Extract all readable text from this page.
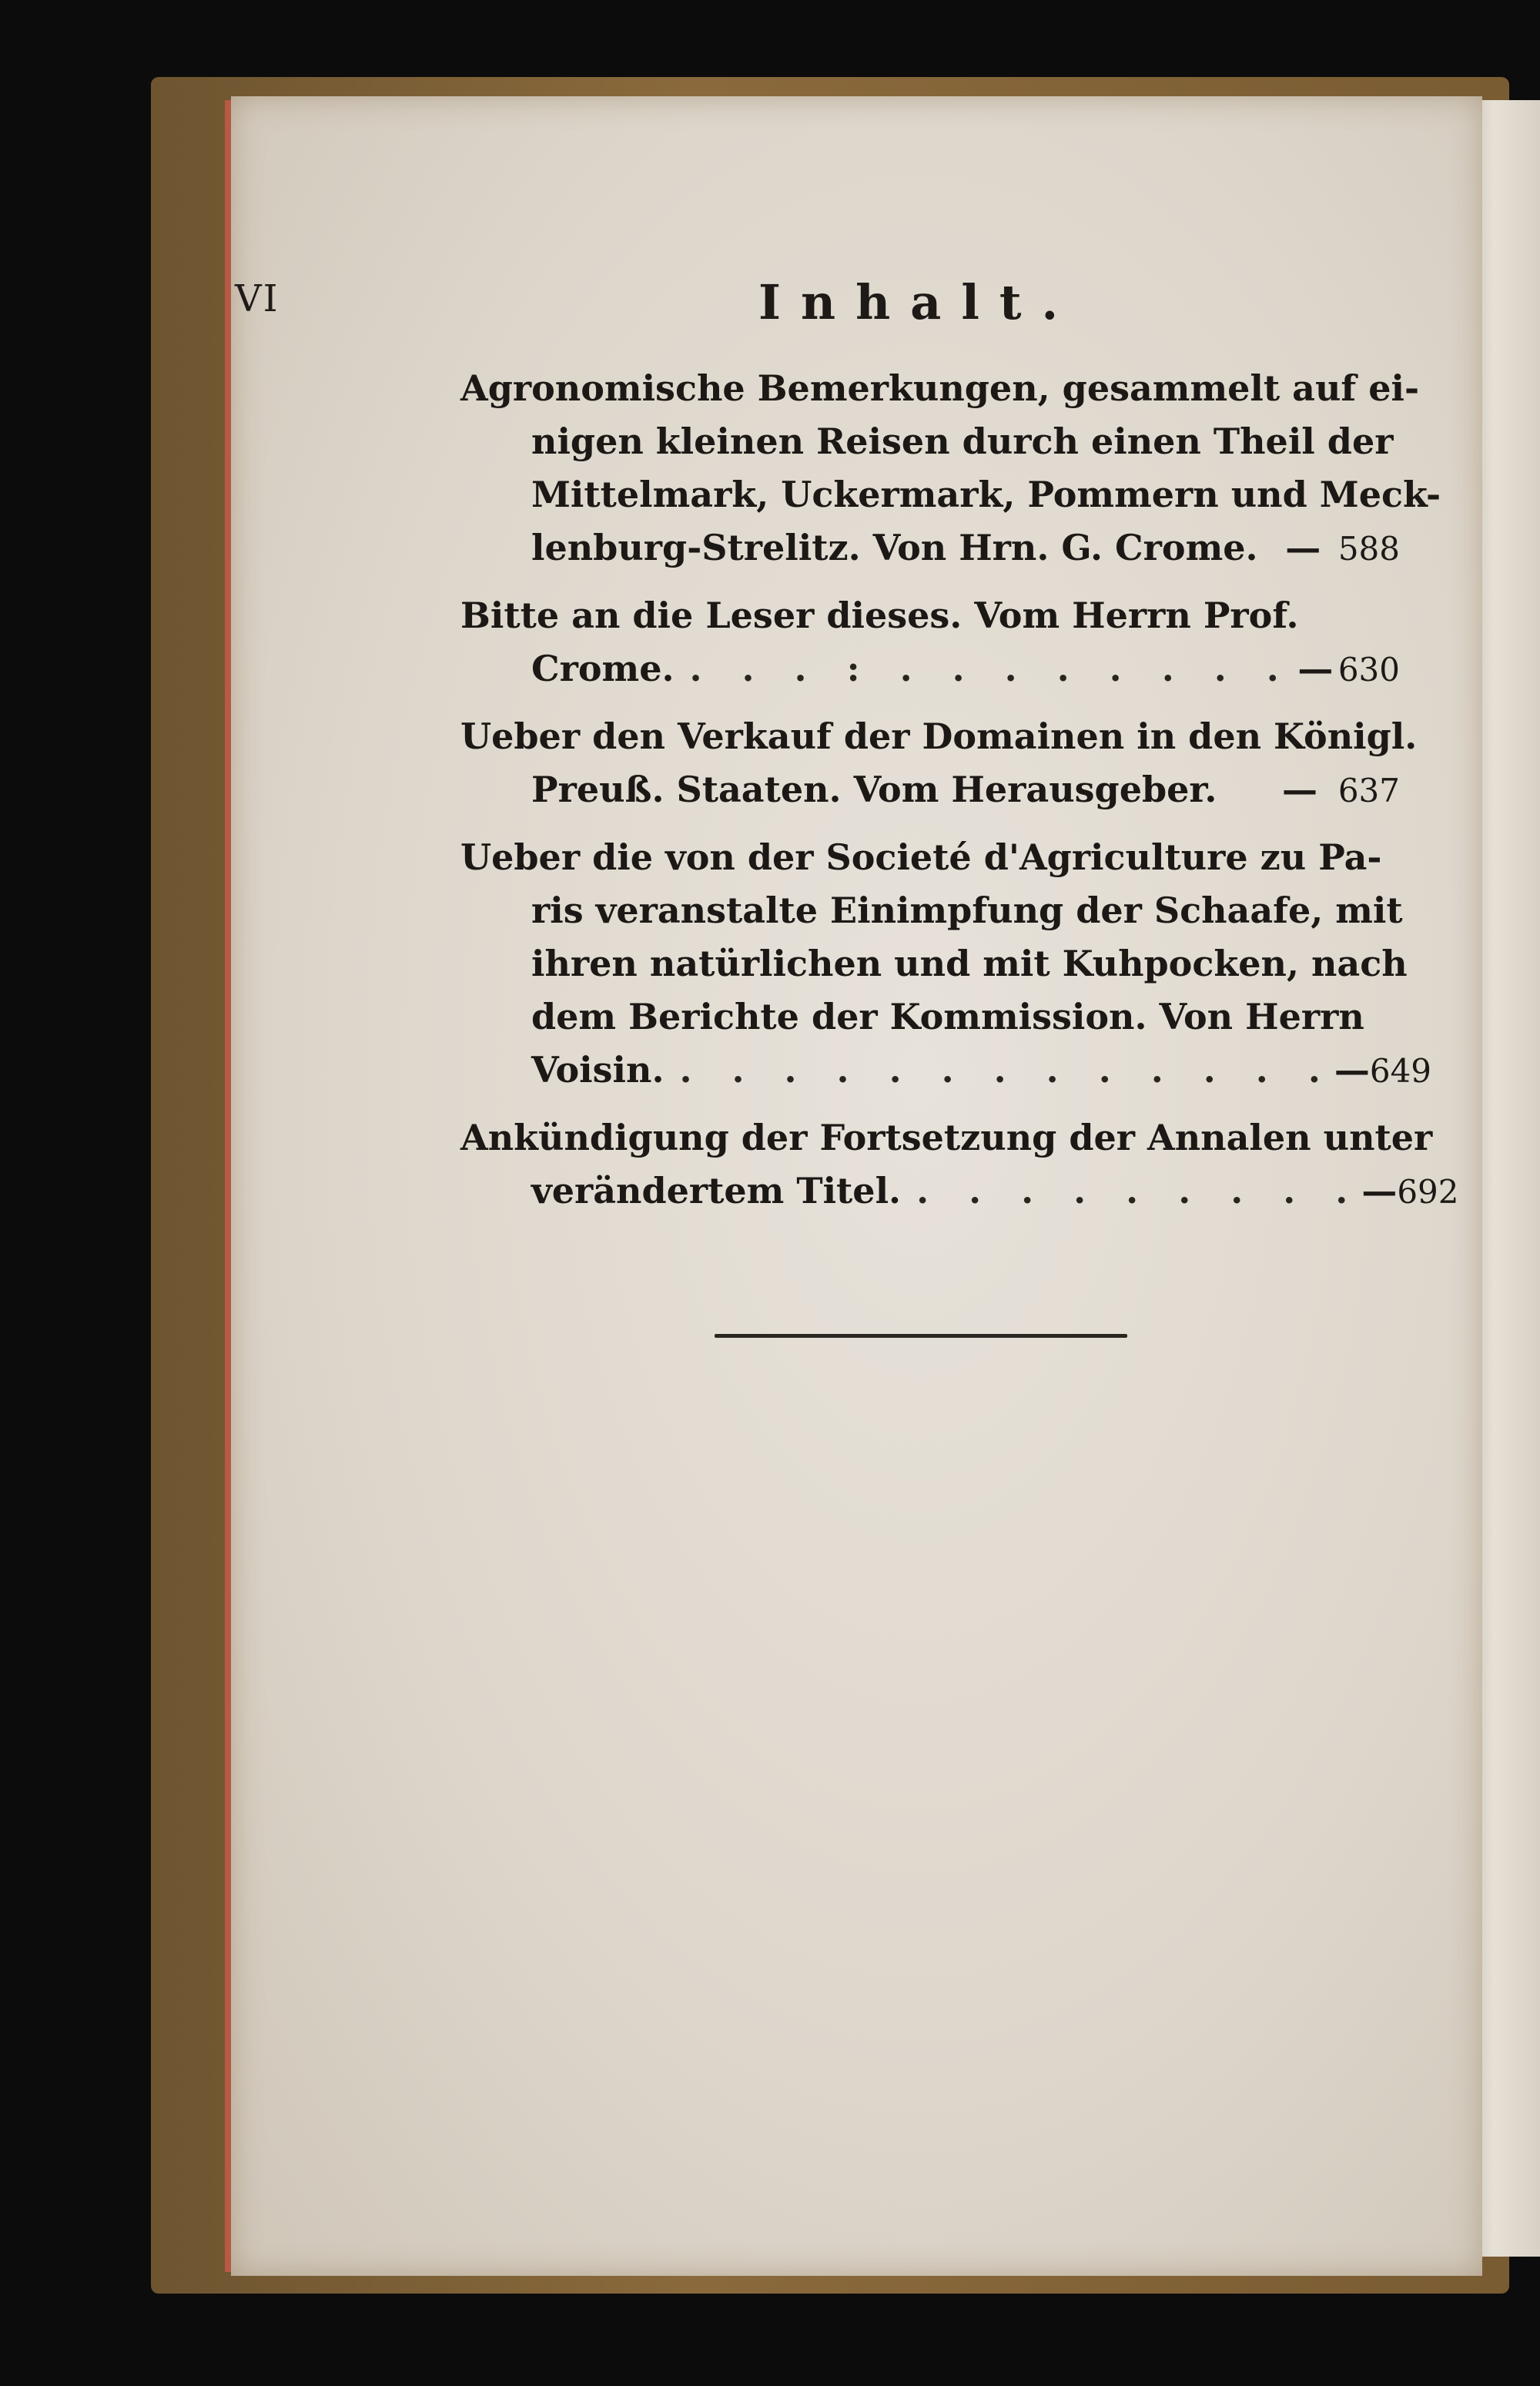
VI	Inhalt.
Agronomische Bemerkungen, gesammelt auf ei-
nigen kleinen Reisen durch einen Theil der
Mittelmark, Uckermark, Pommern und Meck-
lenburg-Strelitz. Von Hrn. G. Crome. — 588
Bitte an die Leser dieses. Vom Herrn Prof.
Crome. . . . : . . . . . . . . — 630
Ueber den Verkauf der Domainen in den Königl.
Preuß. Staaten. Vom Herausgeber.	— 637
Ueber die von der Societé d'Agriculture zu Pa-
ris veranstalte Einimpfung der Schaafe, mit
ihren natürlichen und mit Kuhpocken, nach
dem Berichte der Kommission. Von Herrn
Voisin. . . . . . . . . . . . . . — 649
Ankündigung der Fortsetzung der Annalen unter
verändertem Titel. . . . . . . . . . — 692
